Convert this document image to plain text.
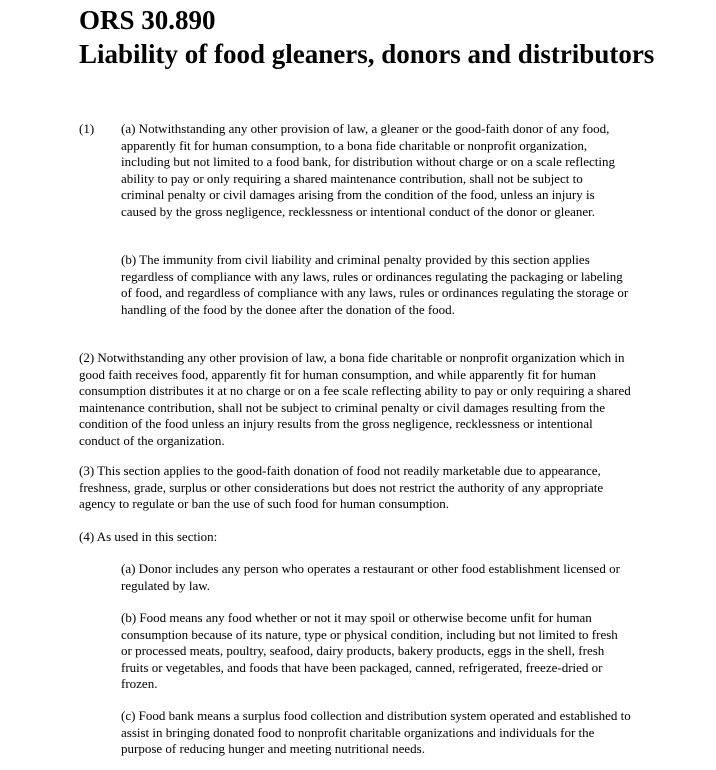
ORS 30.890
Liability of food gleaners, donors and distributors
(1) (a) Notwithstanding any other provision of law, a gleaner or the good-faith donor of any food, apparently fit for human consumption, to a bona fide charitable or nonprofit organization, including but not limited to a food bank, for distribution without charge or on a scale reflecting ability to pay or only requiring a shared maintenance contribution, shall not be subject to criminal penalty or civil damages arising from the condition of the food, unless an injury is caused by the gross negligence, recklessness or intentional conduct of the donor or gleaner.

(b) The immunity from civil liability and criminal penalty provided by this section applies regardless of compliance with any laws, rules or ordinances regulating the packaging or labeling of food, and regardless of compliance with any laws, rules or ordinances regulating the storage or handling of the food by the donee after the donation of the food.

(2) Notwithstanding any other provision of law, a bona fide charitable or nonprofit organization which in good faith receives food, apparently fit for human consumption, and while apparently fit for human consumption distributes it at no charge or on a fee scale reflecting ability to pay or only requiring a shared maintenance contribution, shall not be subject to criminal penalty or civil damages resulting from the condition of the food unless an injury results from the gross negligence, recklessness or intentional conduct of the organization.

(3) This section applies to the good-faith donation of food not readily marketable due to appearance, freshness, grade, surplus or other considerations but does not restrict the authority of any appropriate agency to regulate or ban the use of such food for human consumption.

(4) As used in this section:

(a) Donor includes any person who operates a restaurant or other food establishment licensed or regulated by law.

(b) Food means any food whether or not it may spoil or otherwise become unfit for human consumption because of its nature, type or physical condition, including but not limited to fresh or processed meats, poultry, seafood, dairy products, bakery products, eggs in the shell, fresh fruits or vegetables, and foods that have been packaged, canned, refrigerated, freeze-dried or frozen.

(c) Food bank means a surplus food collection and distribution system operated and established to assist in bringing donated food to nonprofit charitable organizations and individuals for the purpose of reducing hunger and meeting nutritional needs.
